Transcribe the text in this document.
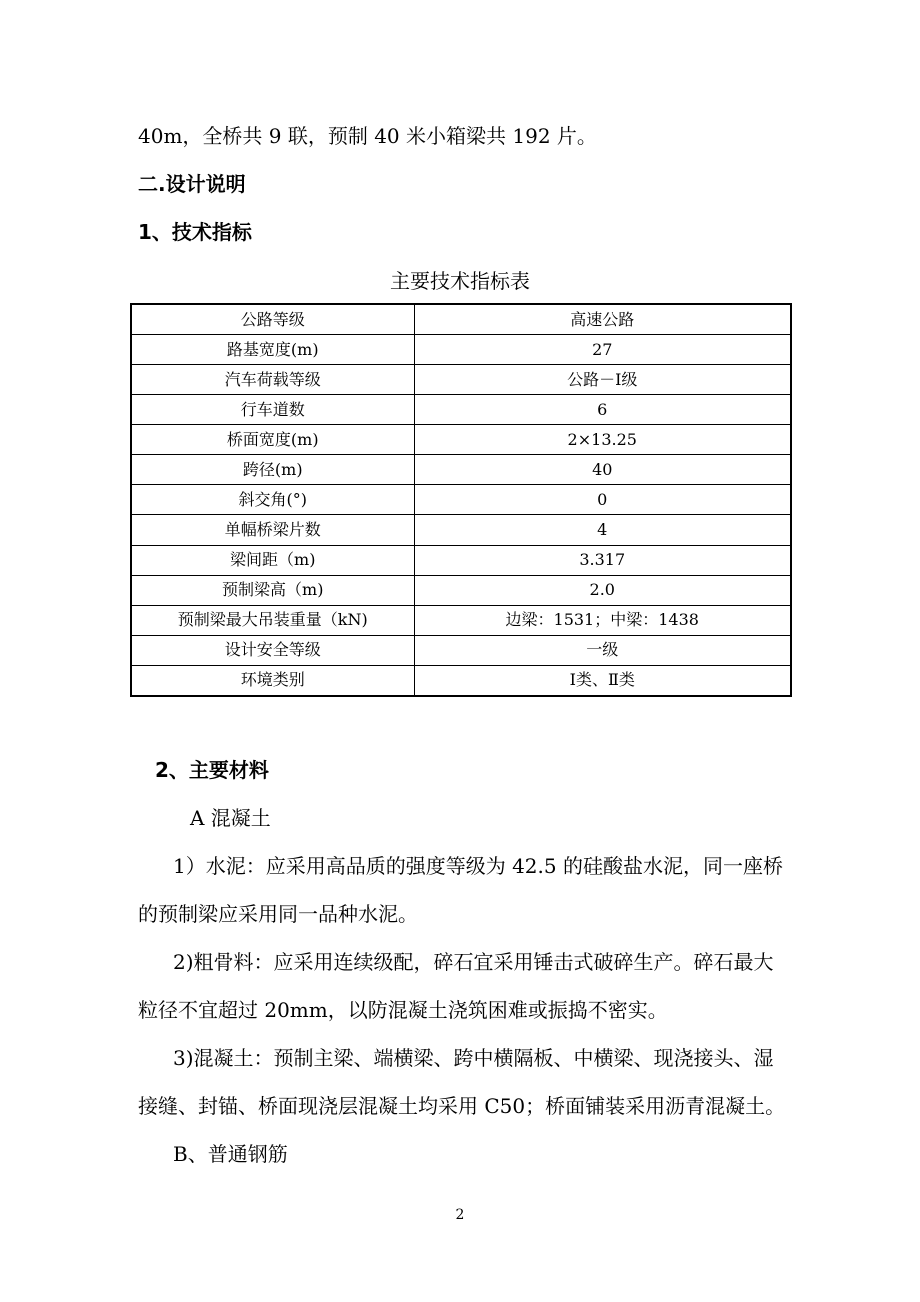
40m，全桥共 9 联，预制 40 米小箱梁共 192 片。
二.设计说明
1、技术指标
主要技术指标表
公路等级	高速公路
路基宽度(m)	27
汽车荷载等级	公路－Ⅰ级
行车道数	6
桥面宽度(m)	2×13.25
跨径(m)	40
斜交角(°)	0
单幅桥梁片数	4
梁间距（m)	3.317
预制梁高（m)	2.0
预制梁最大吊装重量（kN)	边梁：1531；中梁：1438
设计安全等级	一级
环境类别	Ⅰ类、Ⅱ类
2、主要材料
A 混凝土
1）水泥：应采用高品质的强度等级为 42.5 的硅酸盐水泥，同一座桥
的预制梁应采用同一品种水泥。
2)粗骨料：应采用连续级配，碎石宜采用锤击式破碎生产。碎石最大
粒径不宜超过 20mm，以防混凝土浇筑困难或振捣不密实。
3)混凝土：预制主梁、端横梁、跨中横隔板、中横梁、现浇接头、湿
接缝、封锚、桥面现浇层混凝土均采用 C50；桥面铺装采用沥青混凝土。
B、普通钢筋
2
